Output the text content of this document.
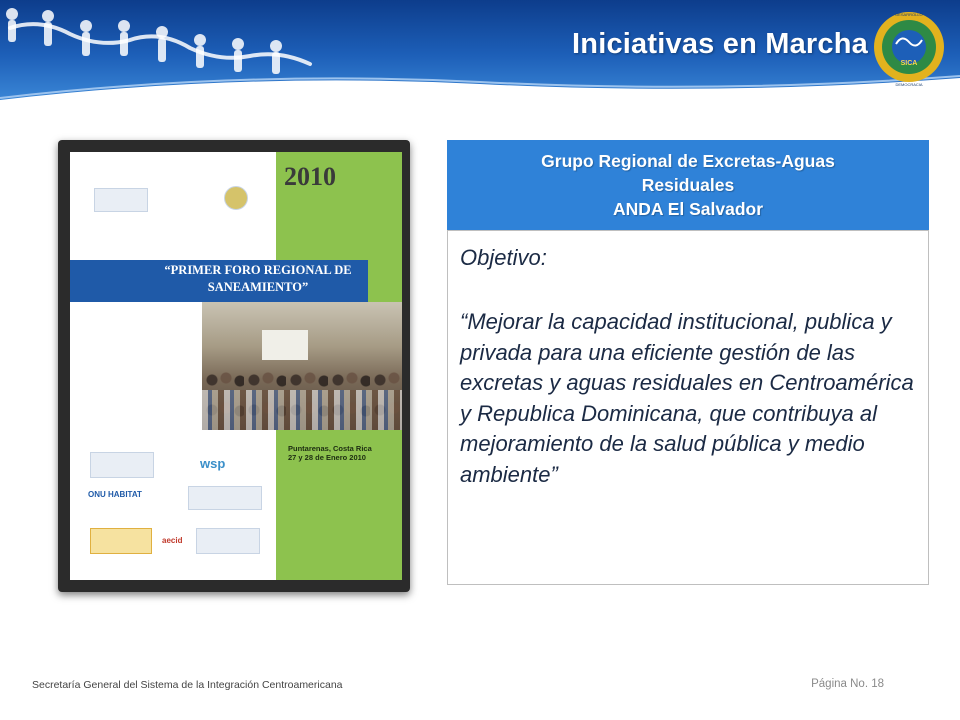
Iniciativas en Marcha
SICA
DESARROLLO
DEMOCRACIA
2010
“PRIMER FORO REGIONAL DE SANEAMIENTO”
Puntarenas, Costa Rica
27 y 28 de Enero 2010
wsp
ONU HABITAT
aecid
Grupo Regional de Excretas-Aguas
Residuales
ANDA El Salvador
Objetivo:
“Mejorar la capacidad institucional, publica y privada para una eficiente gestión de las excretas y aguas residuales en Centroamérica y Republica Dominicana, que contribuya al mejoramiento de la salud pública y medio ambiente”
Secretaría General del Sistema de la Integración Centroamericana	Página No. 18
